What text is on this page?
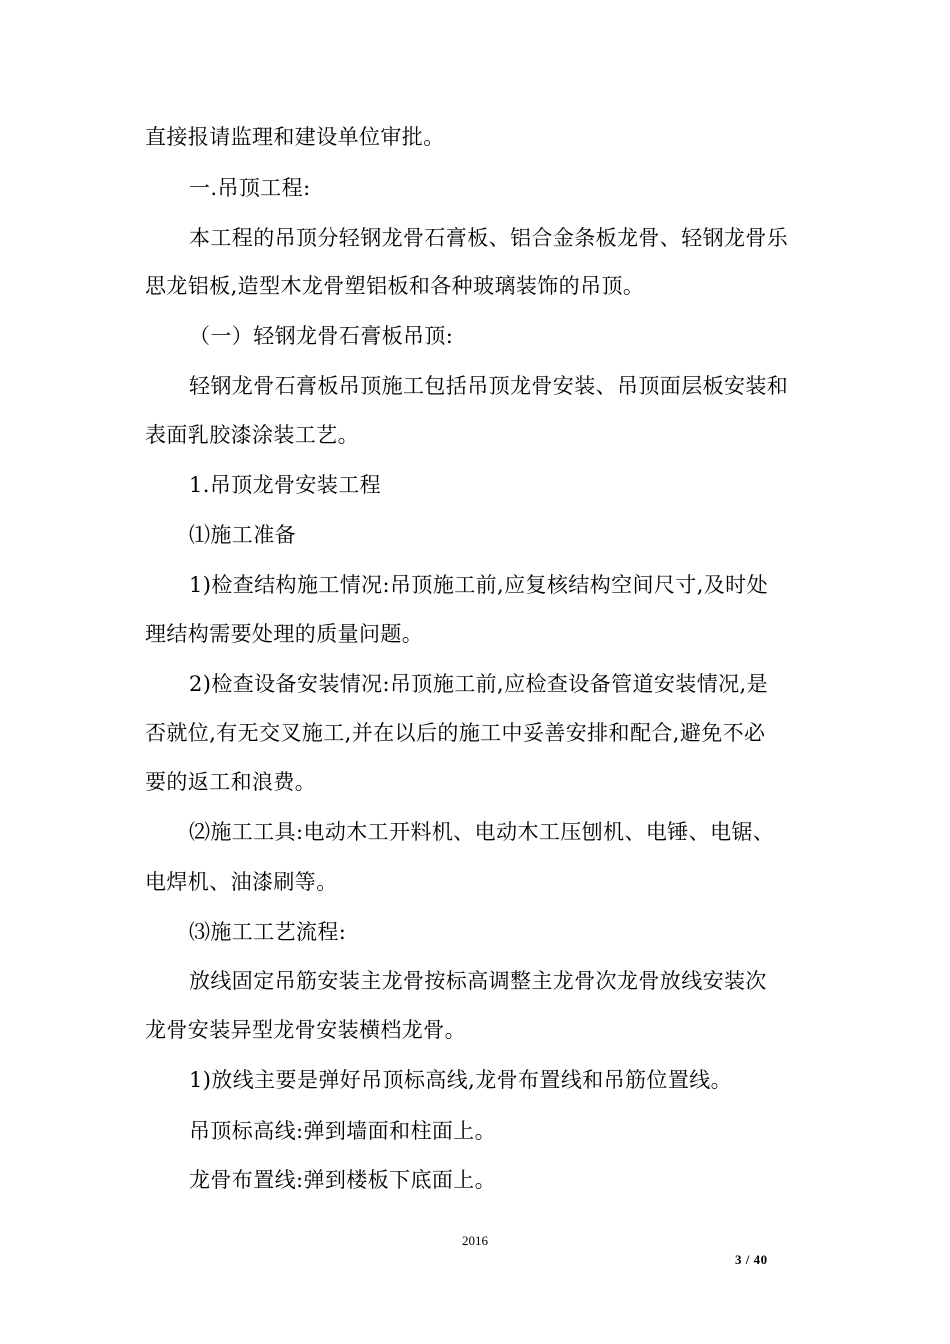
直接报请监理和建设单位审批。
一.吊顶工程:
本工程的吊顶分轻钢龙骨石膏板、铝合金条板龙骨、轻钢龙骨乐
思龙铝板,造型木龙骨塑铝板和各种玻璃装饰的吊顶。
（一）轻钢龙骨石膏板吊顶:
轻钢龙骨石膏板吊顶施工包括吊顶龙骨安装、吊顶面层板安装和
表面乳胶漆涂装工艺。
1.吊顶龙骨安装工程
⑴施工准备
1)检查结构施工情况:吊顶施工前,应复核结构空间尺寸,及时处
理结构需要处理的质量问题。
2)检查设备安装情况:吊顶施工前,应检查设备管道安装情况,是
否就位,有无交叉施工,并在以后的施工中妥善安排和配合,避免不必
要的返工和浪费。
⑵施工工具:电动木工开料机、电动木工压刨机、电锤、电锯、
电焊机、油漆刷等。
⑶施工工艺流程:
放线固定吊筋安装主龙骨按标高调整主龙骨次龙骨放线安装次
龙骨安装异型龙骨安装横档龙骨。
1)放线主要是弹好吊顶标高线,龙骨布置线和吊筋位置线。
吊顶标高线:弹到墙面和柱面上。
龙骨布置线:弹到楼板下底面上。
2016
3 / 40
